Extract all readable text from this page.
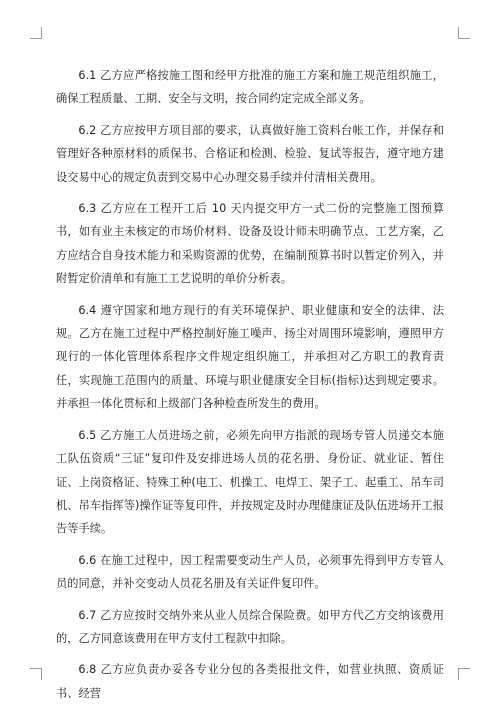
6.1 乙方应严格按施工图和经甲方批准的施工方案和施工规范组织施工，确保工程质量、工期、安全与文明，按合同约定完成全部义务。

6.2 乙方应按甲方项目部的要求，认真做好施工资料台帐工作，并保存和管理好各种原材料的质保书、合格证和检测、检验、复试等报告，遵守地方建设交易中心的规定负责到交易中心办理交易手续并付清相关费用。

6.3 乙方应在工程开工后 10 天内提交甲方一式二份的完整施工图预算书，如有业主未核定的市场价材料、设备及设计师未明确节点、工艺方案，乙方应结合自身技术能力和采购资源的优势，在编制预算书时以暂定价列入，并附暂定价清单和有施工工艺说明的单价分析表。

6.4 遵守国家和地方现行的有关环境保护、职业健康和安全的法律、法规。乙方在施工过程中严格控制好施工噪声、扬尘对周围环境影响，遵照甲方现行的一体化管理体系程序文件规定组织施工，并承担对乙方职工的教育责任，实现施工范围内的质量、环境与职业健康安全目标(指标)达到规定要求。并承担一体化贯标和上级部门各种检查所发生的费用。

6.5 乙方施工人员进场之前，必须先向甲方指派的现场专管人员递交本施工队伍资质“三证”复印件及安排进场人员的花名册、身份证、就业证、暂住证、上岗资格证、特殊工种(电工、机操工、电焊工、架子工、起重工、吊车司机、吊车指挥等)操作证等复印件，并按规定及时办理健康证及队伍进场开工报告等手续。

6.6 在施工过程中，因工程需要变动生产人员，必须事先得到甲方专管人员的同意，并补交变动人员花名册及有关证件复印件。

6.7 乙方应按时交纳外来从业人员综合保险费。如甲方代乙方交纳该费用的，乙方同意该费用在甲方支付工程款中扣除。

6.8 乙方应负责办妥各专业分包的各类报批文件，如营业执照、资质证书、经营
